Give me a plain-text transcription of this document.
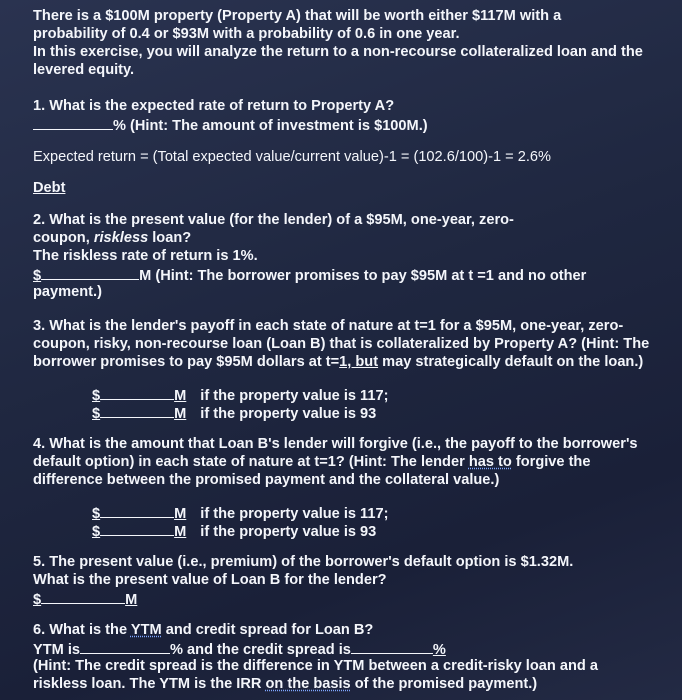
There is a $100M property (Property A) that will be worth either $117M with a
probability of 0.4 or $93M with a probability of 0.6 in one year.
In this exercise, you will analyze the return to a non-recourse collateralized loan and the
levered equity.
1. What is the expected rate of return to Property A?
% (Hint: The amount of investment is $100M.)
Expected return = (Total expected value/current value)-1 = (102.6/100)-1 = 2.6%
Debt
2. What is the present value (for the lender) of a $95M, one-year, zero-
coupon, riskless loan?
The riskless rate of return is 1%.
$	M (Hint: The borrower promises to pay $95M at t =1 and no other
payment.)
3. What is the lender's payoff in each state of nature at t=1 for a $95M, one-year, zero-
coupon, risky, non-recourse loan (Loan B) that is collateralized by Property A? (Hint: The
borrower promises to pay $95M dollars at t=1, but may strategically default on the loan.)
$	M if the property value is 117;
$	M if the property value is 93
4. What is the amount that Loan B's lender will forgive (i.e., the payoff to the borrower's
default option) in each state of nature at t=1? (Hint: The lender has to forgive the
difference between the promised payment and the collateral value.)
$	M if the property value is 117;
$	M if the property value is 93
5. The present value (i.e., premium) of the borrower's default option is $1.32M.
What is the present value of Loan B for the lender?
$	M
6. What is the YTM and credit spread for Loan B?
YTM is	% and the credit spread is	%
(Hint: The credit spread is the difference in YTM between a credit-risky loan and a
riskless loan. The YTM is the IRR on the basis of the promised payment.)
